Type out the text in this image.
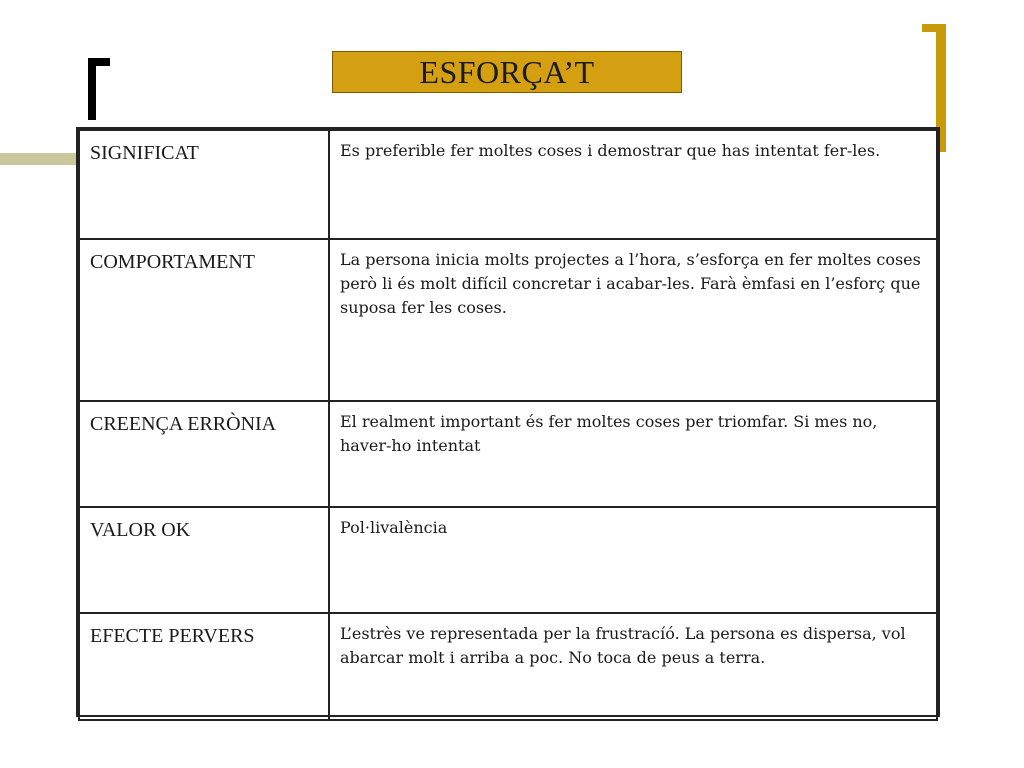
ESFORÇA’T
SIGNIFICAT	Es preferible fer moltes coses i demostrar que has intentat fer-les.
COMPORTAMENT	La persona inicia molts projectes a l’hora, s’esforça en fer moltes coses però li és molt difícil concretar i acabar-les. Farà èmfasi en l’esforç que suposa fer les coses.
CREENÇA ERRÒNIA	El realment important és fer moltes coses per triomfar. Si mes no, haver-ho intentat
VALOR OK	Pol·livalència
EFECTE PERVERS	L’estrès ve representada per la frustracíó. La persona es dispersa, vol abarcar molt i arriba a poc. No toca de peus a terra.
